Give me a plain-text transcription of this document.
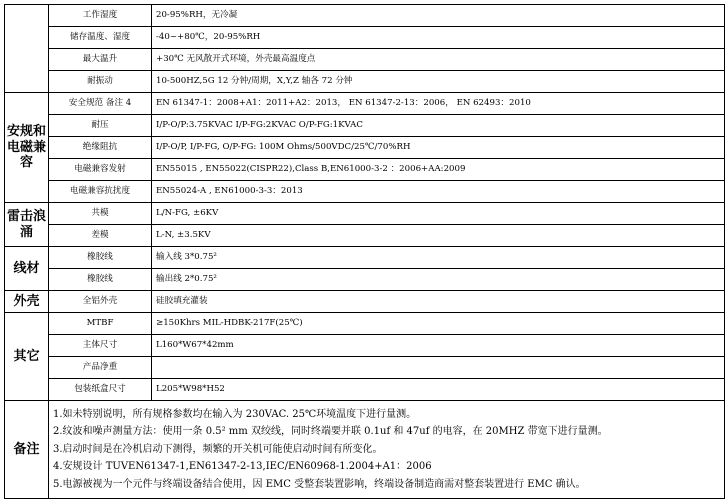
	工作湿度	20-95%RH，无冷凝
	储存温度、湿度	-40~+80℃，20-95%RH
	最大温升	+30℃ 无风散开式环境，外壳最高温度点
	耐振动	10-500HZ,5G 12 分钟/周期，X,Y,Z 轴各 72 分钟
安规和电磁兼容	安全规范 备注 4	EN 61347-1：2008+A1：2011+A2：2013， EN 61347-2-13：2006， EN 62493：2010
	耐压	I/P-O/P:3.75KVAC I/P-FG:2KVAC O/P-FG:1KVAC
	绝缘阻抗	I/P-O/P, I/P-FG, O/P-FG: 100M Ohms/500VDC/25℃/70%RH
	电磁兼容发射	EN55015 , EN55022(CISPR22),Class B,EN61000-3-2 ：2006+AA:2009
	电磁兼容抗扰度	EN55024-A , EN61000-3-3：2013
雷击浪涌	共模	L/N-FG, ±6KV
	差模	L-N, ±3.5KV
线材	橡胶线	输入线 3*0.75²
	橡胶线	输出线 2*0.75²
外壳	全铝外壳	硅胶填充灌装
其它	MTBF	≥150Khrs MIL-HDBK-217F(25℃)
	主体尺寸	L160*W67*42mm
	产品净重	
	包装纸盒尺寸	L205*W98*H52
备注	1.如未特别说明，所有规格参数均在输入为 230VAC. 25℃环境温度下进行量测。
2.纹波和噪声测量方法：使用一条 0.5² mm 双绞线，同时终端要并联 0.1uf 和 47uf 的电容，在 20MHZ 带宽下进行量测。
3.启动时间是在冷机启动下测得，频繁的开关机可能使启动时间有所变化。
4.安规设计 TUVEN61347-1,EN61347-2-13,IEC/EN60968-1.2004+A1：2006
5.电源被视为一个元件与终端设备结合使用，因 EMC 受整套装置影响，终端设备制造商需对整套装置进行 EMC 确认。	
